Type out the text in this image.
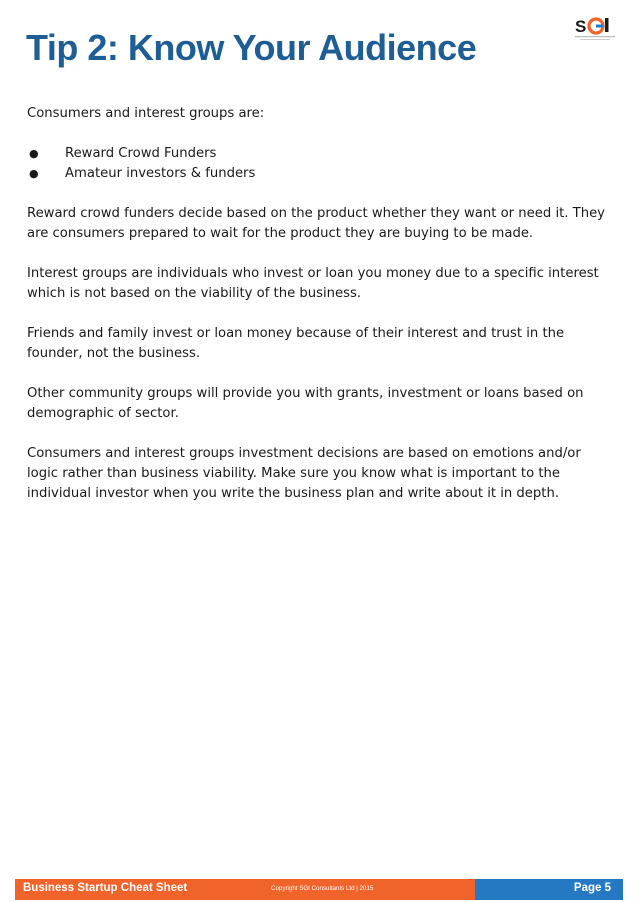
Tip 2: Know Your Audience
S

Consumers and interest groups are:

● Reward Crowd Funders
● Amateur investors & funders

Reward crowd funders decide based on the product whether they want or need it. They are consumers prepared to wait for the product they are buying to be made.

Interest groups are individuals who invest or loan you money due to a specific interest which is not based on the viability of the business.

Friends and family invest or loan money because of their interest and trust in the founder, not the business.

Other community groups will provide you with grants, investment or loans based on demographic of sector.

Consumers and interest groups investment decisions are based on emotions and/or logic rather than business viability. Make sure you know what is important to the individual investor when you write the business plan and write about it in depth.

Business Startup Cheat Sheet	Copyright SGI Consultants Ltd | 2015	Page 5
